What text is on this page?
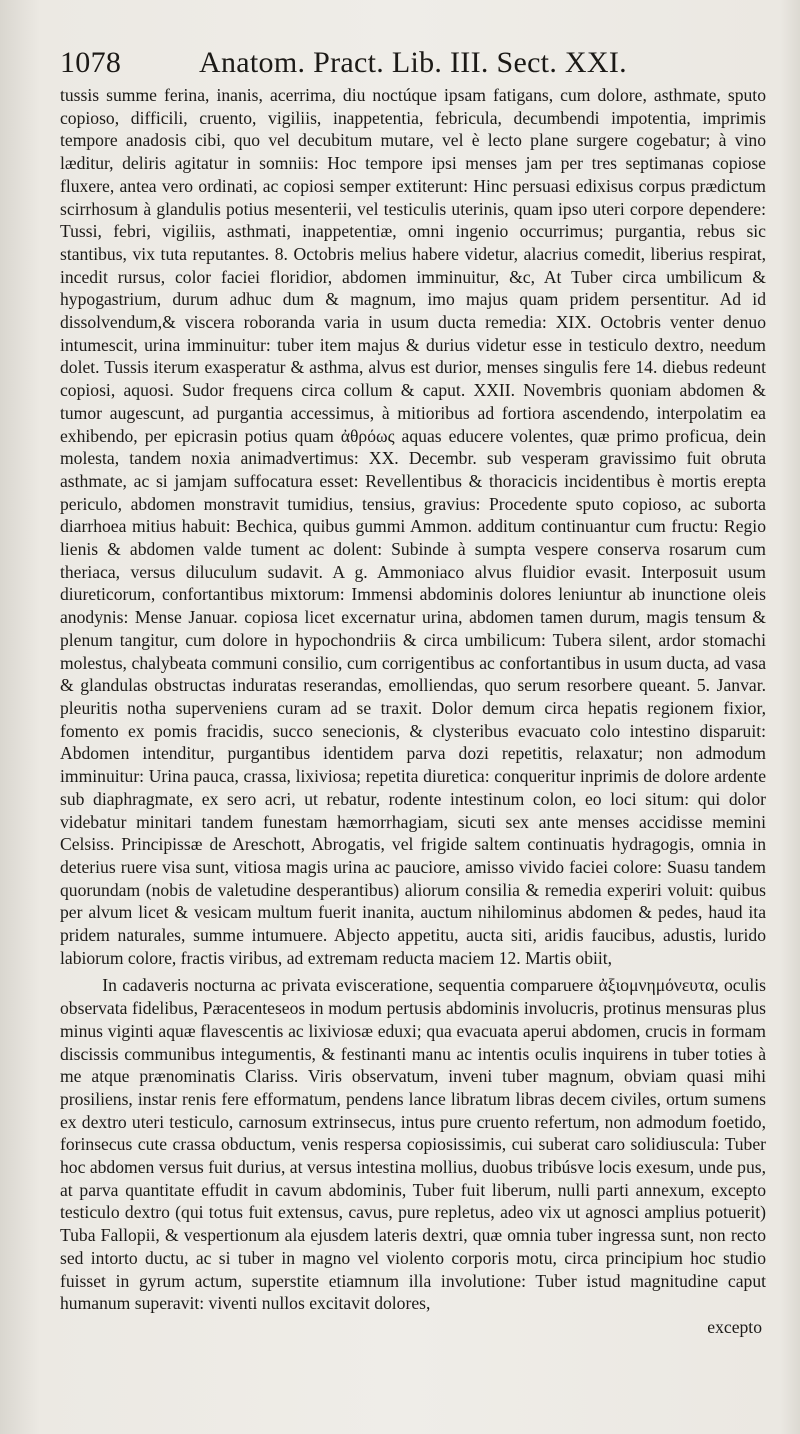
1078	Anatom. Pract. Lib. III. Sect. XXI.

tussis summe ferina, inanis, acerrima, diu noctúque ipsam fatigans, cum dolore, asthmate, sputo copioso, difficili, cruento, vigiliis, inappetentia, febricula, decumbendi impotentia, imprimis tempore anadosis cibi, quo vel decubitum mutare, vel è lecto plane surgere cogebatur; à vino læditur, deliris agitatur in somniis: Hoc tempore ipsi menses jam per tres septimanas copiose fluxere, antea vero ordinati, ac copiosi semper extiterunt: Hinc persuasi edixisus corpus prædictum scirrhosum à glandulis potius mesenterii, vel testiculis uterinis, quam ipso uteri corpore dependere: Tussi, febri, vigiliis, asthmati, inappetentiæ, omni ingenio occurrimus; purgantia, rebus sic stantibus, vix tuta reputantes. 8. Octobris melius habere videtur, alacrius comedit, liberius respirat, incedit rursus, color faciei floridior, abdomen imminuitur, &c, At Tuber circa umbilicum & hypogastrium, durum adhuc dum & magnum, imo majus quam pridem persentitur. Ad id dissolvendum,& viscera roboranda varia in usum ducta remedia: XIX. Octobris venter denuo intumescit, urina imminuitur: tuber item majus & durius videtur esse in testiculo dextro, needum dolet. Tussis iterum exasperatur & asthma, alvus est durior, menses singulis fere 14. diebus redeunt copiosi, aquosi. Sudor frequens circa collum & caput. XXII. Novembris quoniam abdomen & tumor augescunt, ad purgantia accessimus, à mitioribus ad fortiora ascendendo, interpolatim ea exhibendo, per epicrasin potius quam ἀθρόως aquas educere volentes, quæ primo proficua, dein molesta, tandem noxia animadvertimus: XX. Decembr. sub vesperam gravissimo fuit obruta asthmate, ac si jamjam suffocatura esset: Revellentibus & thoracicis incidentibus è mortis erepta periculo, abdomen monstravit tumidius, tensius, gravius: Procedente sputo copioso, ac suborta diarrhoea mitius habuit: Bechica, quibus gummi Ammon. additum continuantur cum fructu: Regio lienis & abdomen valde tument ac dolent: Subinde à sumpta vespere conserva rosarum cum theriaca, versus diluculum sudavit. A g. Ammoniaco alvus fluidior evasit. Interposuit usum diureticorum, confortantibus mixtorum: Immensi abdominis dolores leniuntur ab inunctione oleis anodynis: Mense Januar. copiosa licet excernatur urina, abdomen tamen durum, magis tensum & plenum tangitur, cum dolore in hypochondriis & circa umbilicum: Tubera silent, ardor stomachi molestus, chalybeata communi consilio, cum corrigentibus ac confortantibus in usum ducta, ad vasa & glandulas obstructas induratas reserandas, emolliendas, quo serum resorbere queant. 5. Janvar. pleuritis notha superveniens curam ad se traxit. Dolor demum circa hepatis regionem fixior, fomento ex pomis fracidis, succo senecionis, & clysteribus evacuato colo intestino disparuit: Abdomen intenditur, purgantibus identidem parva dozi repetitis, relaxatur; non admodum imminuitur: Urina pauca, crassa, lixiviosa; repetita diuretica: conqueritur inprimis de dolore ardente sub diaphragmate, ex sero acri, ut rebatur, rodente intestinum colon, eo loci situm: qui dolor videbatur minitari tandem funestam hæmorrhagiam, sicuti sex ante menses accidisse memini Celsiss. Principissæ de Areschott, Abrogatis, vel frigide saltem continuatis hydragogis, omnia in deterius ruere visa sunt, vitiosa magis urina ac pauciore, amisso vivido faciei colore: Suasu tandem quorundam (nobis de valetudine desperantibus) aliorum consilia & remedia experiri voluit: quibus per alvum licet & vesicam multum fuerit inanita, auctum nihilominus abdomen & pedes, haud ita pridem naturales, summe intumuere. Abjecto appetitu, aucta siti, aridis faucibus, adustis, lurido labiorum colore, fractis viribus, ad extremam reducta maciem 12. Martis obiit,

In cadaveris nocturna ac privata evisceratione, sequentia comparuere ἀξιομνημόνευτα, oculis observata fidelibus, Pæracenteseos in modum pertusis abdominis involucris, protinus mensuras plus minus viginti aquæ flavescentis ac lixiviosæ eduxi; qua evacuata aperui abdomen, crucis in formam discissis communibus integumentis, & festinanti manu ac intentis oculis inquirens in tuber toties à me atque prænominatis Clariss. Viris observatum, inveni tuber magnum, obviam quasi mihi prosiliens, instar renis fere efformatum, pendens lance libratum libras decem civiles, ortum sumens ex dextro uteri testiculo, carnosum extrinsecus, intus pure cruento refertum, non admodum foetido, forinsecus cute crassa obductum, venis respersa copiosissimis, cui suberat caro solidiuscula: Tuber hoc abdomen versus fuit durius, at versus intestina mollius, duobus tribúsve locis exesum, unde pus, at parva quantitate effudit in cavum abdominis, Tuber fuit liberum, nulli parti annexum, excepto testiculo dextro (qui totus fuit extensus, cavus, pure repletus, adeo vix ut agnosci amplius potuerit) Tuba Fallopii, & vespertionum ala ejusdem lateris dextri, quæ omnia tuber ingressa sunt, non recto sed intorto ductu, ac si tuber in magno vel violento corporis motu, circa principium hoc studio fuisset in gyrum actum, superstite etiamnum illa involutione: Tuber istud magnitudine caput humanum superavit: viventi nullos excitavit dolores,

excepto
